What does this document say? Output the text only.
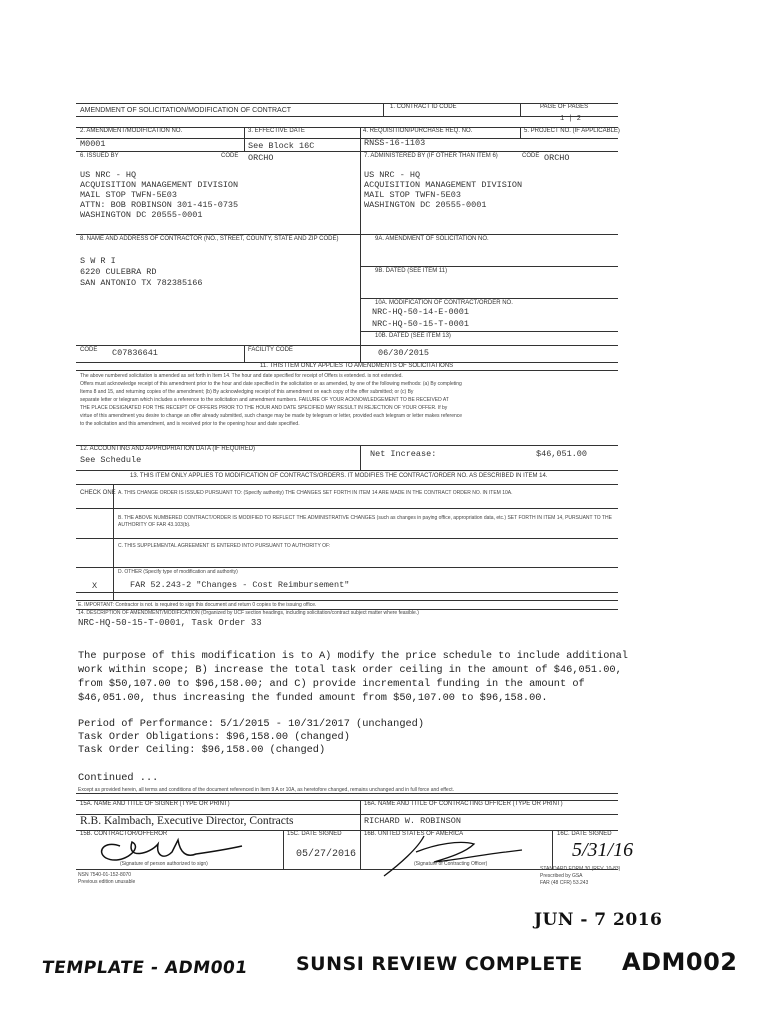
AMENDMENT OF SOLICITATION/MODIFICATION OF CONTRACT	1. CONTRACT ID CODE	PAGE OF PAGES
1 | 2
2. AMENDMENT/MODIFICATION NO.
M0001
3. EFFECTIVE DATE
See Block 16C
4. REQUISITION/PURCHASE REQ. NO.
RNSS-16-1103
5. PROJECT NO. (IF APPLICABLE)
6. ISSUED BY	CODE ORCHO
US NRC - HQ
ACQUISITION MANAGEMENT DIVISION
MAIL STOP TWFN-5E03
ATTN: BOB ROBINSON 301-415-0735
WASHINGTON DC 20555-0001
7. ADMINISTERED BY (IF OTHER THAN ITEM 6)	CODE ORCHO
US NRC - HQ
ACQUISITION MANAGEMENT DIVISION
MAIL STOP TWFN-5E03
WASHINGTON DC 20555-0001
8. NAME AND ADDRESS OF CONTRACTOR (NO., STREET, COUNTY, STATE AND ZIP CODE)
S W R I
6220 CULEBRA RD
SAN ANTONIO TX 782385166
9A. AMENDMENT OF SOLICITATION NO.
9B. DATED (SEE ITEM 11)
10A. MODIFICATION OF CONTRACT/ORDER NO.
NRC-HQ-50-14-E-0001
NRC-HQ-50-15-T-0001
10B. DATED (SEE ITEM 13)
06/30/2015
CODE C07836641	FACILITY CODE
11. THIS ITEM ONLY APPLIES TO AMENDMENTS OF SOLICITATIONS
The above numbered solicitation is amended as set forth in Item 14. The hour and date specified for receipt of Offers is extended. is not extended.
Offers must acknowledge receipt of this amendment prior to the hour and date specified in the solicitation or as amended, by one of the following methods: (a) By completing
Items 8 and 15, and returning copies of the amendment; (b) By acknowledging receipt of this amendment on each copy of the offer submitted; or (c) By
separate letter or telegram which includes a reference to the solicitation and amendment numbers. FAILURE OF YOUR ACKNOWLEDGEMENT TO BE RECEIVED AT
THE PLACE DESIGNATED FOR THE RECEIPT OF OFFERS PRIOR TO THE HOUR AND DATE SPECIFIED MAY RESULT IN REJECTION OF YOUR OFFER. If by
virtue of this amendment you desire to change an offer already submitted, such change may be made by telegram or letter, provided each telegram or letter makes reference
to the solicitation and this amendment, and is received prior to the opening hour and date specified.
12. ACCOUNTING AND APPROPRIATION DATA (IF REQUIRED)
See Schedule
Net Increase:	$46,051.00
13. THIS ITEM ONLY APPLIES TO MODIFICATION OF CONTRACTS/ORDERS. IT MODIFIES THE CONTRACT/ORDER NO. AS DESCRIBED IN ITEM 14.
CHECK ONE A. THIS CHANGE ORDER IS ISSUED PURSUANT TO: (Specify authority) THE CHANGES SET FORTH IN ITEM 14 ARE MADE IN THE CONTRACT ORDER NO. IN ITEM 10A.
B. THE ABOVE NUMBERED CONTRACT/ORDER IS MODIFIED TO REFLECT THE ADMINISTRATIVE CHANGES (such as changes in paying office, appropriation data, etc.) SET FORTH IN ITEM 14, PURSUANT TO THE AUTHORITY OF FAR 43.103(b).
C. THIS SUPPLEMENTAL AGREEMENT IS ENTERED INTO PURSUANT TO AUTHORITY OF:
D. OTHER (Specify type of modification and authority)
X	FAR 52.243-2 "Changes - Cost Reimbursement"
E. IMPORTANT: Contractor is not. is required to sign this document and return 0 copies to the issuing office.
14. DESCRIPTION OF AMENDMENT/MODIFICATION (Organized by UCF section headings, including solicitation/contract subject matter where feasible.)
NRC-HQ-50-15-T-0001, Task Order 33
The purpose of this modification is to A) modify the price schedule to include additional
work within scope; B) increase the total task order ceiling in the amount of $46,051.00,
from $50,107.00 to $96,158.00; and C) provide incremental funding in the amount of
$46,051.00, thus increasing the funded amount from $50,107.00 to $96,158.00.
Period of Performance: 5/1/2015 - 10/31/2017 (unchanged)
Task Order Obligations: $96,158.00 (changed)
Task Order Ceiling: $96,158.00 (changed)
Continued ...
Except as provided herein, all terms and conditions of the document referenced in Item 9 A or 10A, as heretofore changed, remains unchanged and in full force and effect.
15A. NAME AND TITLE OF SIGNER (TYPE OR PRINT)
R.B. Kalmbach, Executive Director, Contracts
16A. NAME AND TITLE OF CONTRACTING OFFICER (TYPE OR PRINT)
RICHARD W. ROBINSON
15B. CONTRACTOR/OFFEROR
(Signature of person authorized to sign)
15C. DATE SIGNED
05/27/2016
16B. UNITED STATES OF AMERICA
(Signature of Contracting Officer)
16C. DATE SIGNED
5/31/16
NSN 7540-01-152-8070
Previous edition unusable
STANDARD FORM 30 (REV. 10-83)
Prescribed by GSA
FAR (48 CFR) 53.243
JUN - 7 2016
TEMPLATE - ADM001 SUNSI REVIEW COMPLETE ADM002
